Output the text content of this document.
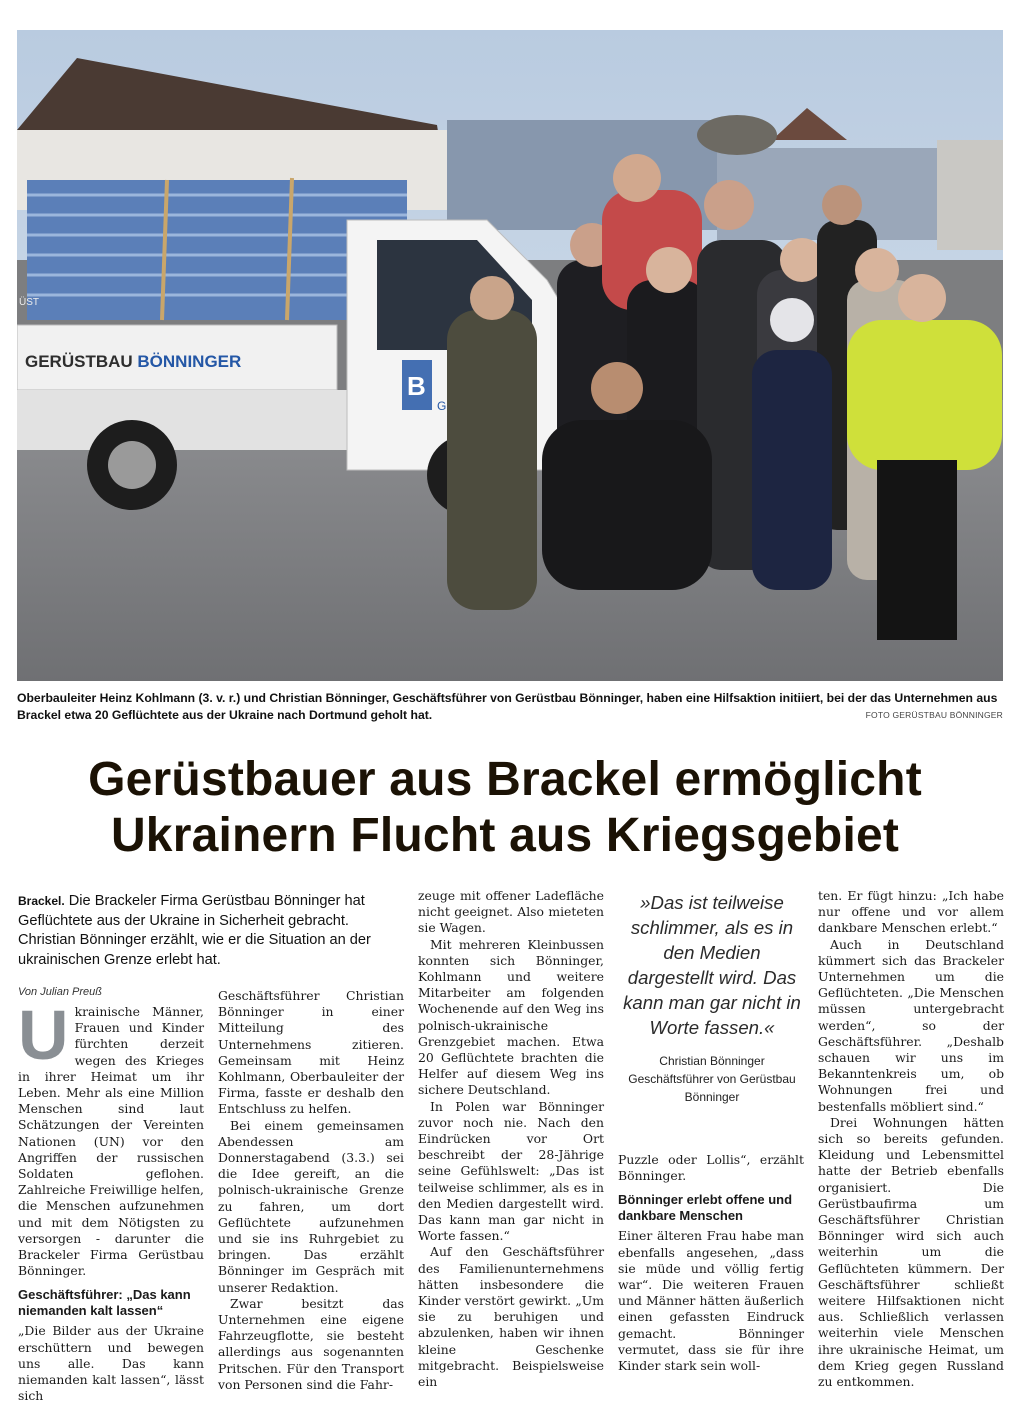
ÜST
GERÜSTBAU BÖNNINGER
B
G
Oberbauleiter Heinz Kohlmann (3. v. r.) und Christian Bönninger, Geschäftsführer von Gerüstbau Bönninger, haben eine Hilfsaktion initiiert, bei der das Unternehmen aus Brackel etwa 20 Geflüchtete aus der Ukraine nach Dortmund geholt hat.	FOTO GERÜSTBAU BÖNNINGER
Gerüstbauer aus Brackel ermöglicht
Ukrainern Flucht aus Kriegsgebiet
Brackel. Die Brackeler Firma Gerüstbau Bönninger hat Geflüchtete aus der Ukraine in Sicherheit gebracht. Christian Bönninger erzählt, wie er die Situation an der ukrainischen Grenze erlebt hat.
Von Julian Preuß

Ukrainische Männer, Frauen und Kinder fürchten derzeit wegen des Krieges in ihrer Heimat um ihr Leben. Mehr als eine Million Menschen sind laut Schätzungen der Vereinten Nationen (UN) vor den Angriffen der russischen Soldaten geflohen. Zahlreiche Freiwillige helfen, die Menschen aufzunehmen und mit dem Nötigsten zu versorgen - darunter die Brackeler Firma Gerüstbau Bönninger.

Geschäftsführer: „Das kann niemanden kalt lassen“

„Die Bilder aus der Ukraine erschüttern und bewegen uns alle. Das kann niemanden kalt lassen“, lässt sich

Geschäftsführer Christian Bönninger in einer Mitteilung des Unternehmens zitieren. Gemeinsam mit Heinz Kohlmann, Oberbauleiter der Firma, fasste er deshalb den Entschluss zu helfen.

Bei einem gemeinsamen Abendessen am Donnerstagabend (3.3.) sei die Idee gereift, an die polnisch-ukrainische Grenze zu fahren, um dort Geflüchtete aufzunehmen und sie ins Ruhrgebiet zu bringen. Das erzählt Bönninger im Gespräch mit unserer Redaktion.

Zwar besitzt das Unternehmen eine eigene Fahrzeugflotte, sie besteht allerdings aus sogenannten Pritschen. Für den Transport von Personen sind die Fahr-

zeuge mit offener Ladefläche nicht geeignet. Also mieteten sie Wagen.

Mit mehreren Kleinbussen konnten sich Bönninger, Kohlmann und weitere Mitarbeiter am folgenden Wochenende auf den Weg ins polnisch-ukrainische Grenzgebiet machen. Etwa 20 Geflüchtete brachten die Helfer auf diesem Weg ins sichere Deutschland.

In Polen war Bönninger zuvor noch nie. Nach den Eindrücken vor Ort beschreibt der 28-Jährige seine Gefühlswelt: „Das ist teilweise schlimmer, als es in den Medien dargestellt wird. Das kann man gar nicht in Worte fassen.“

Auf den Geschäftsführer des Familienunternehmens hätten insbesondere die Kinder verstört gewirkt. „Um sie zu beruhigen und abzulenken, haben wir ihnen kleine Geschenke mitgebracht. Beispielsweise ein

»Das ist teilweise schlimmer, als es in den Medien dargestellt wird. Das kann man gar nicht in Worte fassen.«
Christian Bönninger
Geschäftsführer von Gerüstbau Bönninger

Puzzle oder Lollis“, erzählt Bönninger.

Bönninger erlebt offene und dankbare Menschen

Einer älteren Frau habe man ebenfalls angesehen, „dass sie müde und völlig fertig war“. Die weiteren Frauen und Männer hätten äußerlich einen gefassten Eindruck gemacht. Bönninger vermutet, dass sie für ihre Kinder stark sein woll-

ten. Er fügt hinzu: „Ich habe nur offene und vor allem dankbare Menschen erlebt.“

Auch in Deutschland kümmert sich das Brackeler Unternehmen um die Geflüchteten. „Die Menschen müssen untergebracht werden“, so der Geschäftsführer. „Deshalb schauen wir uns im Bekanntenkreis um, ob Wohnungen frei und bestenfalls möbliert sind.“

Drei Wohnungen hätten sich so bereits gefunden. Kleidung und Lebensmittel hatte der Betrieb ebenfalls organisiert. Die Gerüstbaufirma um Geschäftsführer Christian Bönninger wird sich auch weiterhin um die Geflüchteten kümmern. Der Geschäftsführer schließt weitere Hilfsaktionen nicht aus. Schließlich verlassen weiterhin viele Menschen ihre ukrainische Heimat, um dem Krieg gegen Russland zu entkommen.
